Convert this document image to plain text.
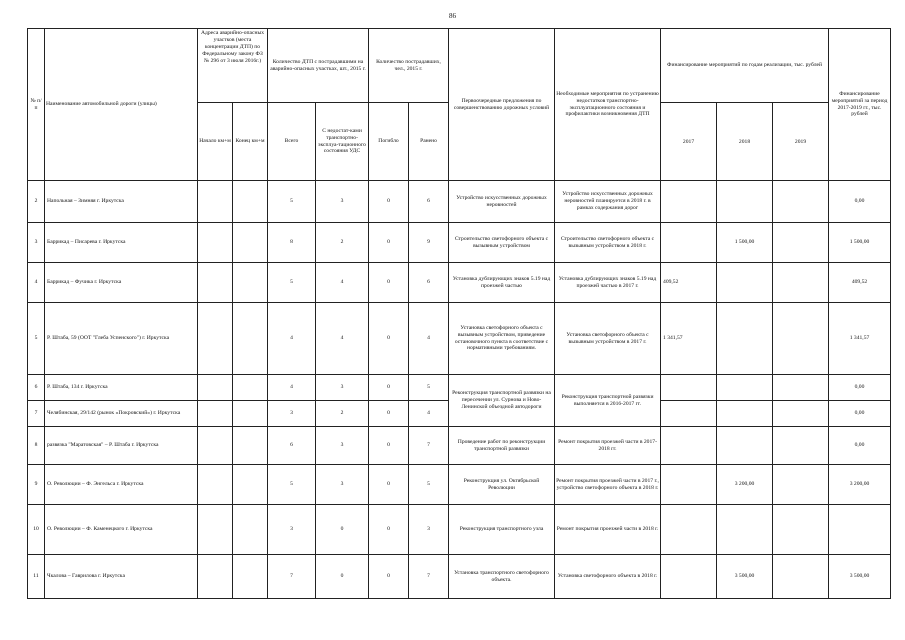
86
№ п/п	Наименование автомобильной дороги (улицы)	Адреса аварийно-опасных участков (места концентрации ДТП) по Федеральному закону ФЗ № 296 от 3 июля 2016г.)		Количество ДТП с пострадавшими на аварийно-опасных участках, шт., 2015 г.		Количество пострадавших, чел., 2015 г.		Первоочередные предложения по совершенствованию дорожных условий	Необходимые мероприятия по устранению недостатков транспортно-эксплуатационного состояния и профилактики возникновения ДТП	Финансирование мероприятий по годам реализации, тыс. рублей			Финансирование мероприятий за период 2017-2019 гг., тыс. рублей
		Начало км+м	Конец км+м	Всего	С недостат-ками транспортно-эксплуа-тационного состояния УДС	Погибло	Ранено			2017	2018	2019	
2	Напольная – Зимняя г. Иркутска			5	3	0	6	Устройство искусственных дорожных неровностей	Устройство искусственных дорожных неровностей планируется в 2018 г. в рамках содержания дорог				0,00
3	Баррикад – Писарева г. Иркутска			8	2	0	9	Строительство светофорного объекта с вызывным устройством	Строительство светофорного объекта с вызывным устройством в 2018 г.		1 500,00		1 500,00
4	Баррикад – Фучика г. Иркутска			5	4	0	6	Установка дублирующих знаков 5.19 над проезжей частью	Установка дублирующих знаков 5.19 над проезжей частью в 2017 г.	409,52			409,52
5	Р. Штаба, 59 (ООТ "Глеба Успенского") г. Иркутска			4	4	0	4	Установка светофорного объекта с вызывным устройством, приведение остановочного пункта в соответствие с нормативными требованиям.	Установка светофорного объекта с вызывным устройством в 2017 г.	1 341,57			1 341,57
6	Р. Штаба, 134 г. Иркутска			4	3	0	5	Реконструкция транспортной развязки на пересечении ул. Сурнова и Ново-Ленинской объездной автодороги	Реконструкция транспортной развязки выполняется в 2016-2017 гг.				0,00
7	Челябинская, 29/142 (рынок «Покровский») г. Иркутска			3	2	0	4						0,00
8	развязка "Маратовская" – Р. Штаба г. Иркутска			6	3	0	7	Проведение работ по реконструкции транспортной развязки	Ремонт покрытия проезжей части в 2017-2018 гг.				0,00
9	О. Революции – Ф. Энгельса г. Иркутска			5	3	0	5	Реконструкция ул. Октябрьской Революции	Ремонт покрытия проезжей части в 2017 г., устройство светофорного объекта в 2018 г.		3 200,00		3 200,00
10	О. Революции – Ф. Каменецкого г. Иркутска			3	0	0	3	Реконструкция транспортного узла	Ремонт покрытия проезжей части в 2018 г.				
11	Чкалова – Гаврилова г. Иркутска			7	0	0	7	Установка транспортного светофорного объекта.	Установка светофорного объекта в 2018 г.		3 500,00		3 500,00
